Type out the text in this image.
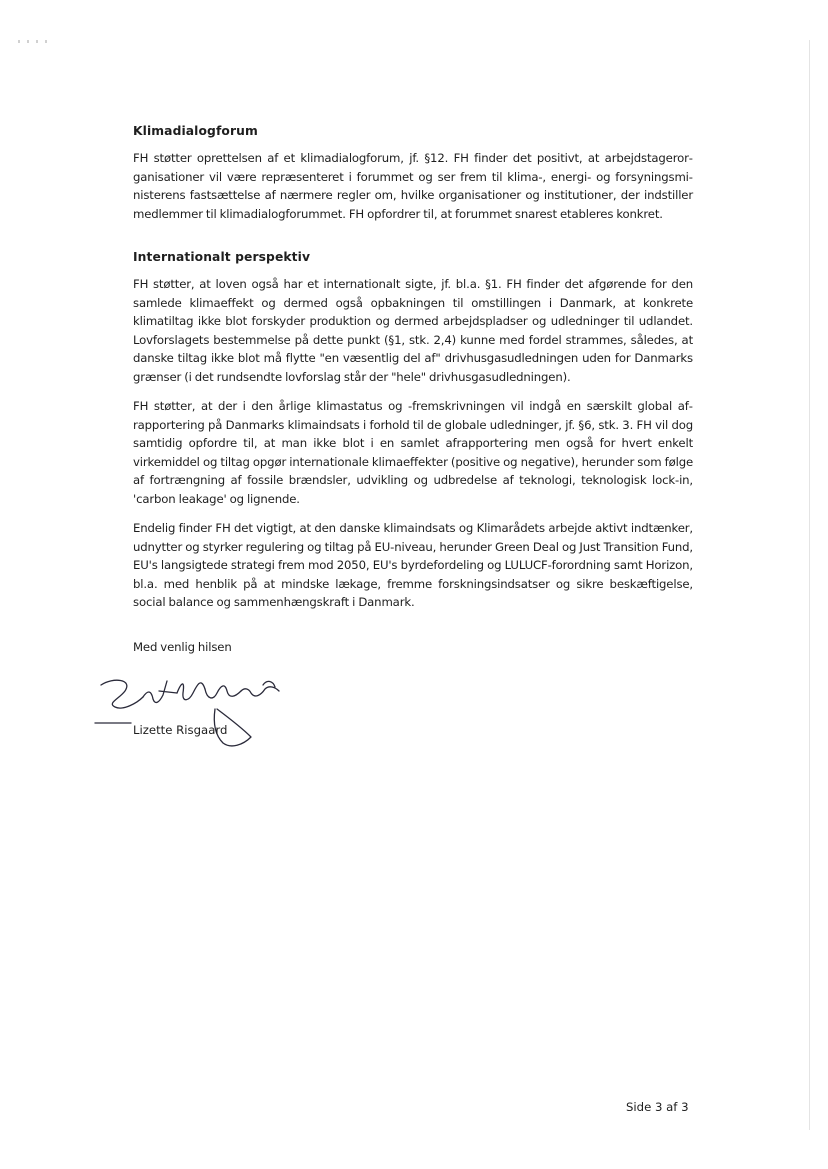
Klimadialogforum

FH støtter oprettelsen af et klimadialogforum, jf. §12. FH finder det positivt, at arbejdstagerorganisationer vil være repræsenteret i forummet og ser frem til klima-, energi- og forsyningsministerens fastsættelse af nærmere regler om, hvilke organisationer og institutioner, der indstiller medlemmer til klimadialogforummet. FH opfordrer til, at forummet snarest etableres konkret.

Internationalt perspektiv

FH støtter, at loven også har et internationalt sigte, jf. bl.a. §1. FH finder det afgørende for den samlede klimaeffekt og dermed også opbakningen til omstillingen i Danmark, at konkrete klimatiltag ikke blot forskyder produktion og dermed arbejdspladser og udledninger til udlandet. Lovforslagets bestemmelse på dette punkt (§1, stk. 2,4) kunne med fordel strammes, således, at danske tiltag ikke blot må flytte "en væsentlig del af" drivhusgasudledningen uden for Danmarks grænser (i det rundsendte lovforslag står der "hele" drivhusgasudledningen).

FH støtter, at der i den årlige klimastatus og -fremskrivningen vil indgå en særskilt global afrapportering på Danmarks klimaindsats i forhold til de globale udledninger, jf. §6, stk. 3. FH vil dog samtidig opfordre til, at man ikke blot i en samlet afrapportering men også for hvert enkelt virkemiddel og tiltag opgør internationale klimaeffekter (positive og negative), herunder som følge af fortrængning af fossile brændsler, udvikling og udbredelse af teknologi, teknologisk lock-in, 'carbon leakage' og lignende.

Endelig finder FH det vigtigt, at den danske klimaindsats og Klimarådets arbejde aktivt indtænker, udnytter og styrker regulering og tiltag på EU-niveau, herunder Green Deal og Just Transition Fund, EU's langsigtede strategi frem mod 2050, EU's byrdefordeling og LULUCF-forordning samt Horizon, bl.a. med henblik på at mindske lækage, fremme forskningsindsatser og sikre beskæftigelse, social balance og sammenhængskraft i Danmark.

Med venlig hilsen

Lizette Risgaard
Side 3 af 3
